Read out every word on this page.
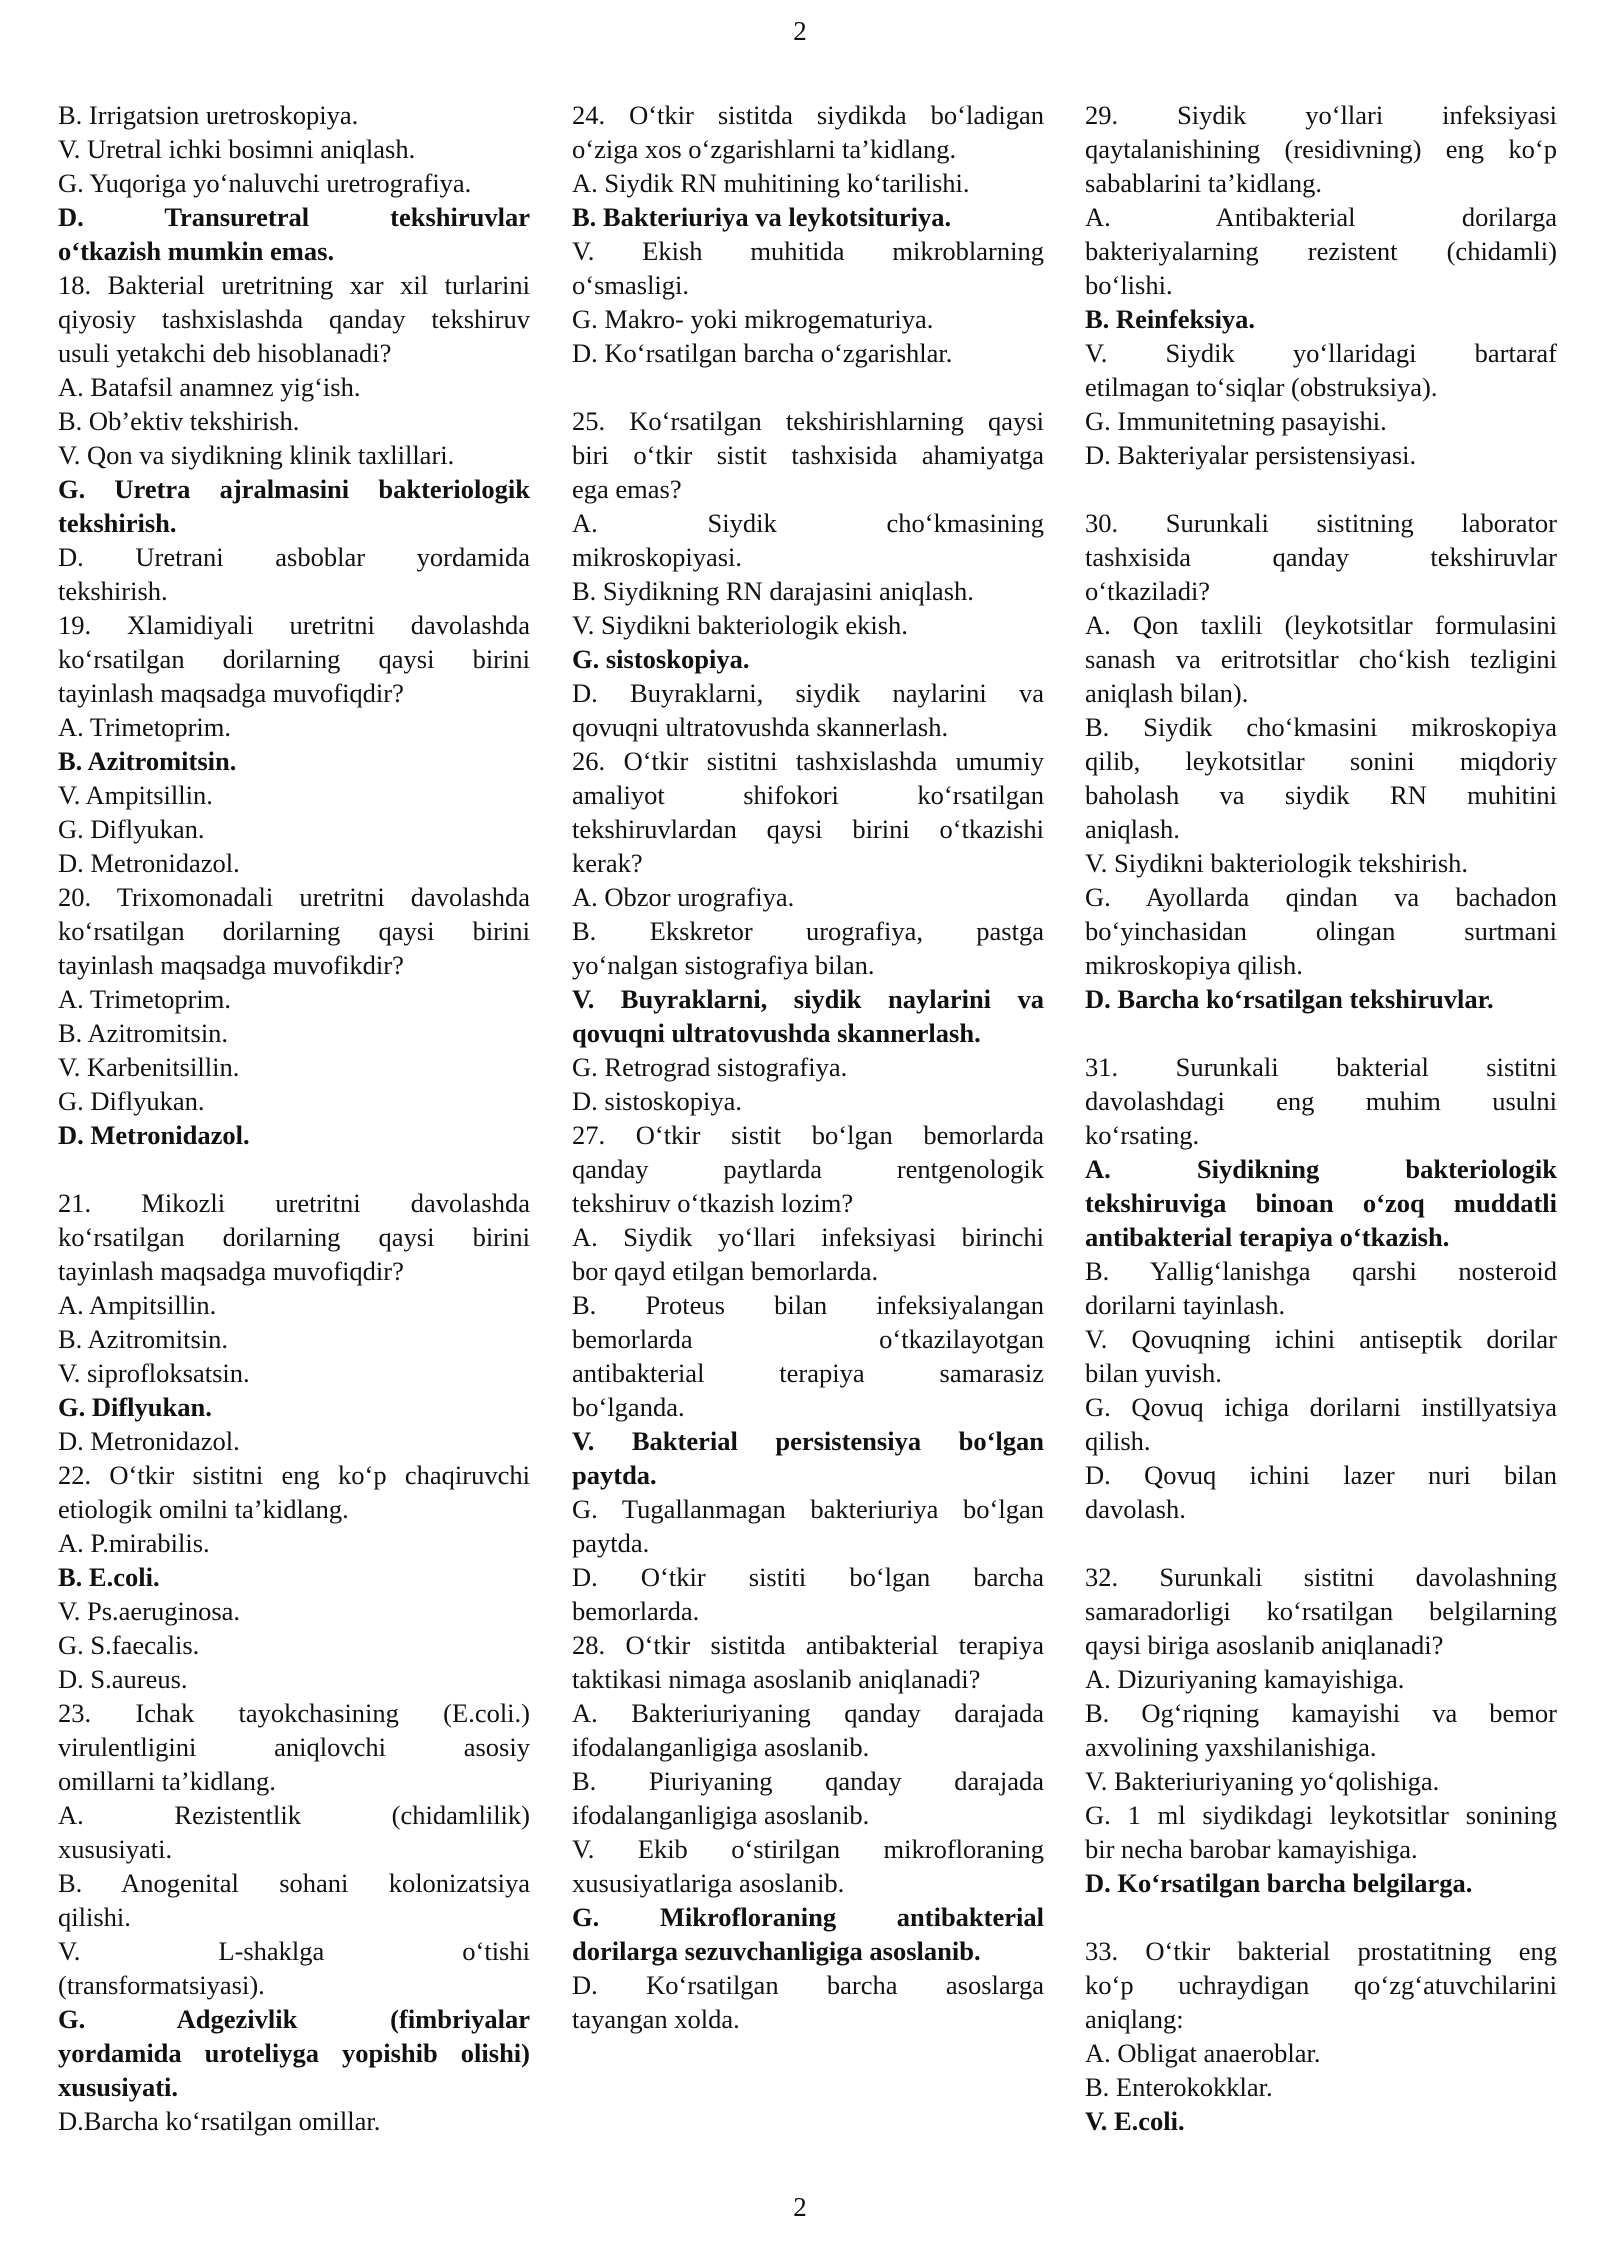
2
B. Irrigatsion uretroskopiya.
V. Uretral ichki bosimni aniqlash.
G. Yuqoriga yo‘naluvchi uretrografiya.
D. Transuretral tekshiruvlar
o‘tkazish mumkin emas.
18. Bakterial uretritning xar xil turlarini
qiyosiy tashxislashda qanday tekshiruv
usuli yetakchi deb hisoblanadi?
A. Batafsil anamnez yig‘ish.
B. Ob’ektiv tekshirish.
V. Qon va siydikning klinik taxlillari.
G. Uretra ajralmasini bakteriologik
tekshirish.
D. Uretrani asboblar yordamida
tekshirish.
19. Xlamidiyali uretritni davolashda
ko‘rsatilgan dorilarning qaysi birini
tayinlash maqsadga muvofiqdir?
A. Trimetoprim.
B. Azitromitsin.
V. Ampitsillin.
G. Diflyukan.
D. Metronidazol.
20. Trixomonadali uretritni davolashda
ko‘rsatilgan dorilarning qaysi birini
tayinlash maqsadga muvofikdir?
A. Trimetoprim.
B. Azitromitsin.
V. Karbenitsillin.
G. Diflyukan.
D. Metronidazol.
21. Mikozli uretritni davolashda
ko‘rsatilgan dorilarning qaysi birini
tayinlash maqsadga muvofiqdir?
A. Ampitsillin.
B. Azitromitsin.
V. siprofloksatsin.
G. Diflyukan.
D. Metronidazol.
22. O‘tkir sistitni eng ko‘p chaqiruvchi
etiologik omilni ta’kidlang.
A. P.mirabilis.
B. E.coli.
V. Ps.aeruginosa.
G. S.faecalis.
D. S.aureus.
23. Ichak tayokchasining (E.coli.)
virulentligini aniqlovchi asosiy
omillarni ta’kidlang.
A. Rezistentlik (chidamlilik)
xususiyati.
B. Anogenital sohani kolonizatsiya
qilishi.
V. L-shaklga o‘tishi
(transformatsiyasi).
G. Adgezivlik (fimbriyalar
yordamida uroteliyga yopishib olishi)
xususiyati.
D.Barcha ko‘rsatilgan omillar.
24. O‘tkir sistitda siydikda bo‘ladigan
o‘ziga xos o‘zgarishlarni ta’kidlang.
A. Siydik RN muhitining ko‘tarilishi.
B. Bakteriuriya va leykotsituriya.
V. Ekish muhitida mikroblarning
o‘smasligi.
G. Makro- yoki mikrogematuriya.
D. Ko‘rsatilgan barcha o‘zgarishlar.
25. Ko‘rsatilgan tekshirishlarning qaysi
biri o‘tkir sistit tashxisida ahamiyatga
ega emas?
A. Siydik cho‘kmasining
mikroskopiyasi.
B. Siydikning RN darajasini aniqlash.
V. Siydikni bakteriologik ekish.
G. sistoskopiya.
D. Buyraklarni, siydik naylarini va
qovuqni ultratovushda skannerlash.
26. O‘tkir sistitni tashxislashda umumiy
amaliyot shifokori ko‘rsatilgan
tekshiruvlardan qaysi birini o‘tkazishi
kerak?
A. Obzor urografiya.
B. Ekskretor urografiya, pastga
yo‘nalgan sistografiya bilan.
V. Buyraklarni, siydik naylarini va
qovuqni ultratovushda skannerlash.
G. Retrograd sistografiya.
D. sistoskopiya.
27. O‘tkir sistit bo‘lgan bemorlarda
qanday paytlarda rentgenologik
tekshiruv o‘tkazish lozim?
A. Siydik yo‘llari infeksiyasi birinchi
bor qayd etilgan bemorlarda.
B. Proteus bilan infeksiyalangan
bemorlarda o‘tkazilayotgan
antibakterial terapiya samarasiz
bo‘lganda.
V. Bakterial persistensiya bo‘lgan
paytda.
G. Tugallanmagan bakteriuriya bo‘lgan
paytda.
D. O‘tkir sistiti bo‘lgan barcha
bemorlarda.
28. O‘tkir sistitda antibakterial terapiya
taktikasi nimaga asoslanib aniqlanadi?
A. Bakteriuriyaning qanday darajada
ifodalanganligiga asoslanib.
B. Piuriyaning qanday darajada
ifodalanganligiga asoslanib.
V. Ekib o‘stirilgan mikrofloraning
xususiyatlariga asoslanib.
G. Mikrofloraning antibakterial
dorilarga sezuvchanligiga asoslanib.
D. Ko‘rsatilgan barcha asoslarga
tayangan xolda.
29. Siydik yo‘llari infeksiyasi
qaytalanishining (residivning) eng ko‘p
sabablarini ta’kidlang.
A. Antibakterial dorilarga
bakteriyalarning rezistent (chidamli)
bo‘lishi.
B. Reinfeksiya.
V. Siydik yo‘llaridagi bartaraf
etilmagan to‘siqlar (obstruksiya).
G. Immunitetning pasayishi.
D. Bakteriyalar persistensiyasi.
30. Surunkali sistitning laborator
tashxisida qanday tekshiruvlar
o‘tkaziladi?
A. Qon taxlili (leykotsitlar formulasini
sanash va eritrotsitlar cho‘kish tezligini
aniqlash bilan).
B. Siydik cho‘kmasini mikroskopiya
qilib, leykotsitlar sonini miqdoriy
baholash va siydik RN muhitini
aniqlash.
V. Siydikni bakteriologik tekshirish.
G. Ayollarda qindan va bachadon
bo‘yinchasidan olingan surtmani
mikroskopiya qilish.
D. Barcha ko‘rsatilgan tekshiruvlar.
31. Surunkali bakterial sistitni
davolashdagi eng muhim usulni
ko‘rsating.
A. Siydikning bakteriologik
tekshiruviga binoan o‘zoq muddatli
antibakterial terapiya o‘tkazish.
B. Yallig‘lanishga qarshi nosteroid
dorilarni tayinlash.
V. Qovuqning ichini antiseptik dorilar
bilan yuvish.
G. Qovuq ichiga dorilarni instillyatsiya
qilish.
D. Qovuq ichini lazer nuri bilan
davolash.
32. Surunkali sistitni davolashning
samaradorligi ko‘rsatilgan belgilarning
qaysi biriga asoslanib aniqlanadi?
A. Dizuriyaning kamayishiga.
B. Og‘riqning kamayishi va bemor
axvolining yaxshilanishiga.
V. Bakteriuriyaning yo‘qolishiga.
G. 1 ml siydikdagi leykotsitlar soninin​g
bir necha barobar kamayishiga.
D. Ko‘rsatilgan barcha belgilarga.
33. O‘tkir bakterial prostatitning eng
ko‘p uchraydigan qo‘zg‘atuvchilarini
aniqlang:
A. Obligat anaeroblar.
B. Enterokokklar.
V. E.coli.
2
